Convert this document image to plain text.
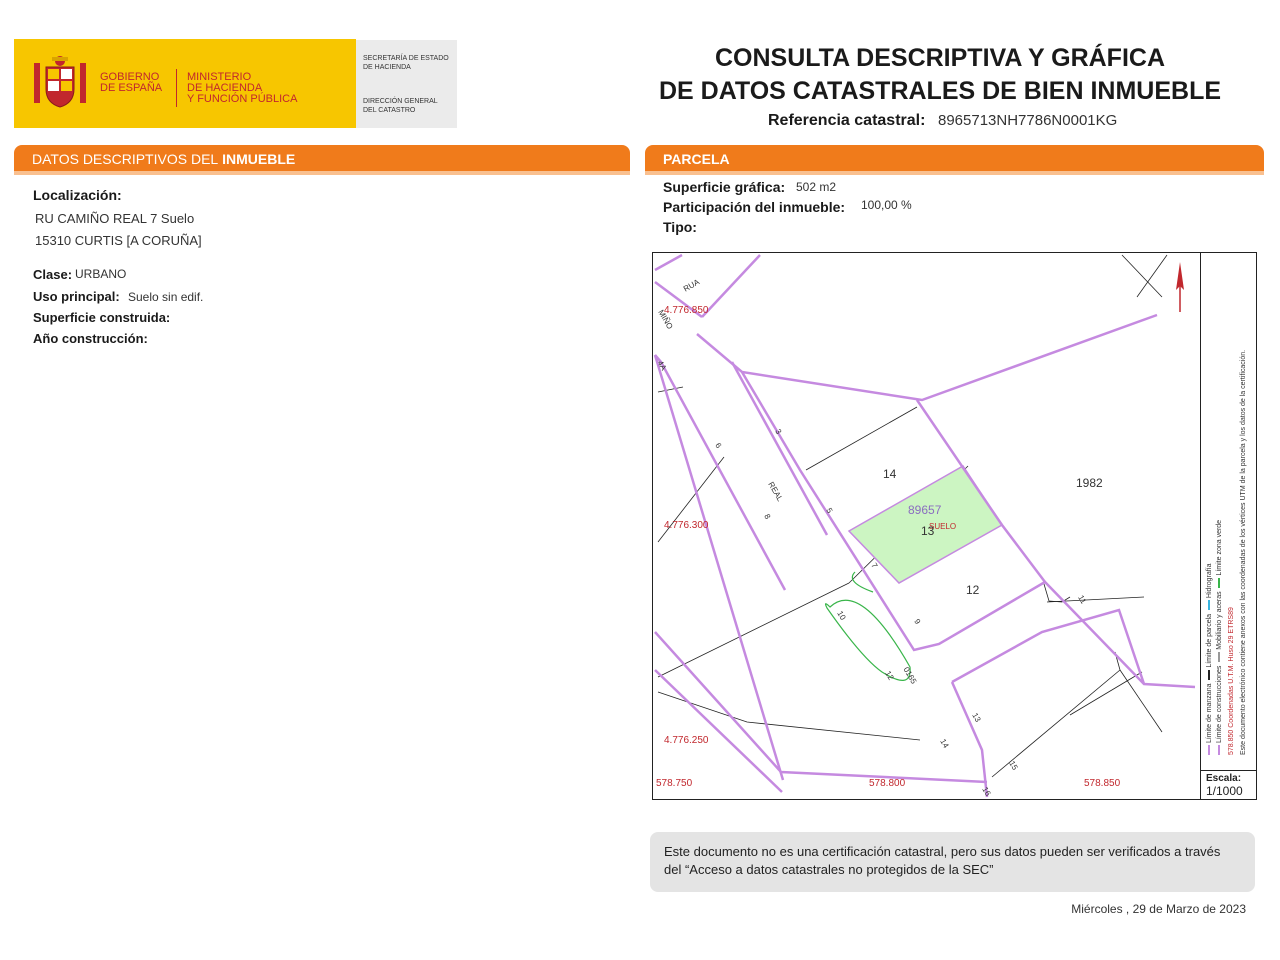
GOBIERNO
DE ESPAÑA
MINISTERIO
DE HACIENDA
Y FUNCIÓN PÚBLICA
SECRETARÍA DE ESTADO
DE HACIENDA
DIRECCIÓN GENERAL
DEL CATASTRO
CONSULTA DESCRIPTIVA Y GRÁFICA
DE DATOS CATASTRALES DE BIEN INMUEBLE
Referencia catastral: 8965713NH7786N0001KG
DATOS DESCRIPTIVOS DEL INMUEBLE
Localización:
RU CAMIÑO REAL 7 Suelo
15310 CURTIS [A CORUÑA]
Clase: URBANO
Uso principal: Suelo sin edif.
Superficie construida:
Año construcción:
PARCELA
Superficie gráfica: 502 m2
Participación del inmueble: 100,00 %
Tipo:
14
89657
SUELO
13
12
1982
RUA
MIÑO
REAL
0165
4A
6
8
10
12
14
16
3
5
7
9
11
13
15
4.776.850
4.776.300
4.776.250
578.750	578.800	578.850
Límite de manzana   Límite de parcela   Hidrografía
Límite de construcciones   Mobiliario y aceras   Límite zona verde
578.850 Coordenadas U.T.M. Huso 29 ETRS89 Este documento electrónico contiene anexos con las coordenadas de los vértices UTM de la parcela y los datos de la certificación.
Escala:
1/1000
Este documento no es una certificación catastral, pero sus datos pueden ser verificados a través del “Acceso a datos catastrales no protegidos de la SEC”
Miércoles , 29 de Marzo de 2023
